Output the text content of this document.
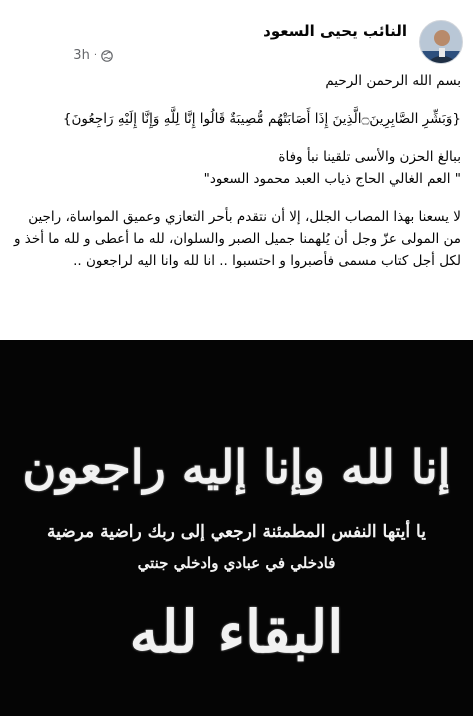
النائب يحيى السعود
3h ·

بسم الله الرحمن الرحيم

{وَبَشِّرِ الصَّابِرِينَ۝الَّذِينَ إِذَا أَصَابَتْهُم مُّصِيبَةٌ قَالُوا إِنَّا لِلَّهِ وَإِنَّا إِلَيْهِ رَاجِعُونَ}

ببالغ الحزن والأسى تلقينا نبأ وفاة

" العم الغالي الحاج ذياب العبد محمود السعود"

لا يسعنا بهذا المصاب الجلل، إلا أن نتقدم بأحر التعازي وعميق المواساة، راجين من المولى عزّ وجل أن يُلهمنا جميل الصبر والسلوان، لله ما أعطى و لله ما أخذ و لكل أجل كتاب مسمى فأصبروا و احتسبوا .. انا لله وانا اليه لراجعون ..

إنا لله وإنا إليه راجعون
يا أيتها النفس المطمئنة ارجعي إلى ربك راضية مرضية
فادخلي في عبادي وادخلي جنتي
البقاء لله
